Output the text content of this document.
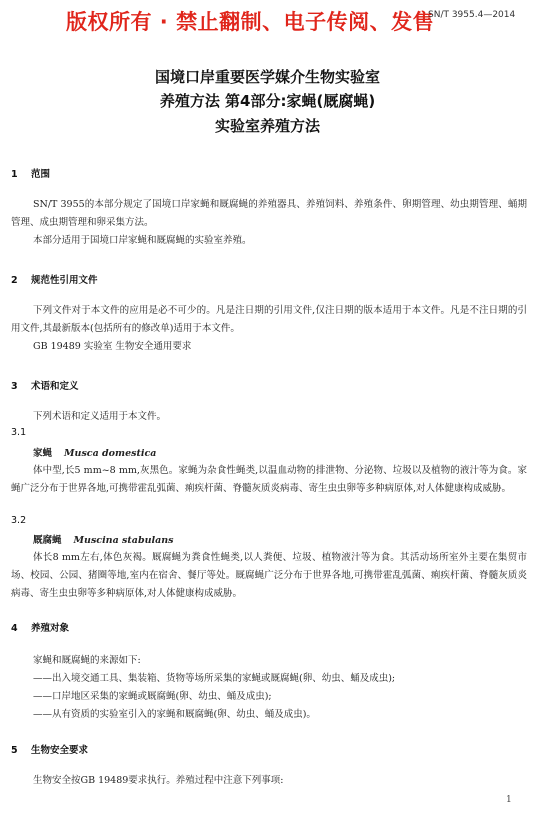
版权所有 · 禁止翻制、电子传阅、发售
SN/T 3955.4—2014
国境口岸重要医学媒介生物实验室
养殖方法 第4部分:家蝇(厩腐蝇)
实验室养殖方法
1 范围
SN/T 3955的本部分规定了国境口岸家蝇和厩腐蝇的养殖器具、养殖饲料、养殖条件、卵期管理、幼虫期管理、蛹期管理、成虫期管理和卵采集方法。
本部分适用于国境口岸家蝇和厩腐蝇的实验室养殖。
2 规范性引用文件
下列文件对于本文件的应用是必不可少的。凡是注日期的引用文件,仅注日期的版本适用于本文件。凡是不注日期的引用文件,其最新版本(包括所有的修改单)适用于本文件。
GB 19489 实验室 生物安全通用要求
3 术语和定义
下列术语和定义适用于本文件。
3.1
家蝇 Musca domestica
体中型,长5 mm~8 mm,灰黑色。家蝇为杂食性蝇类,以温血动物的排泄物、分泌物、垃圾以及植物的液汁等为食。家蝇广泛分布于世界各地,可携带霍乱弧菌、痢疾杆菌、脊髓灰质炎病毒、寄生虫虫卵等多种病原体,对人体健康构成威胁。
3.2
厩腐蝇 Muscina stabulans
体长8 mm左右,体色灰褐。厩腐蝇为粪食性蝇类,以人粪便、垃圾、植物液汁等为食。其活动场所室外主要在集贸市场、校园、公园、猪圈等地,室内在宿舍、餐厅等处。厩腐蝇广泛分布于世界各地,可携带霍乱弧菌、痢疾杆菌、脊髓灰质炎病毒、寄生虫虫卵等多种病原体,对人体健康构成威胁。
4 养殖对象
家蝇和厩腐蝇的来源如下:
——出入境交通工具、集装箱、货物等场所采集的家蝇或厩腐蝇(卵、幼虫、蛹及成虫);
——口岸地区采集的家蝇或厩腐蝇(卵、幼虫、蛹及成虫);
——从有资质的实验室引入的家蝇和厩腐蝇(卵、幼虫、蛹及成虫)。
5 生物安全要求
生物安全按GB 19489要求执行。养殖过程中注意下列事项:
1
